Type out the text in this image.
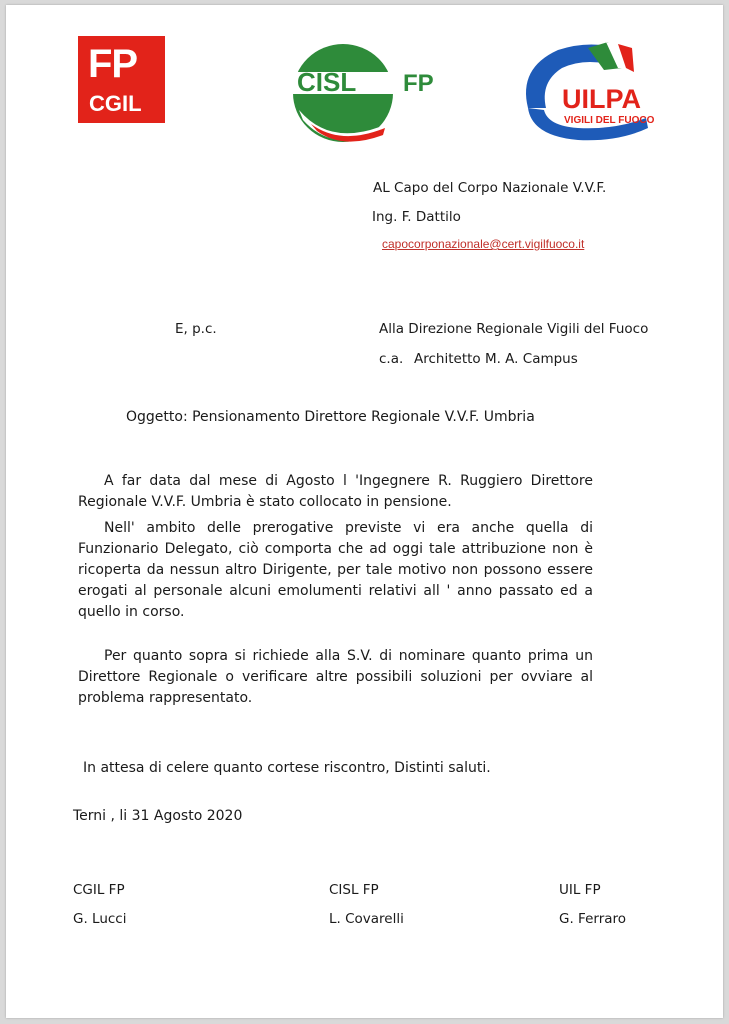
FP
CGIL
CISL FP
UILPA
VIGILI DEL FUOCO
AL Capo del Corpo Nazionale V.V.F.
Ing. F. Dattilo
capocorponazionale@cert.vigilfuoco.it
E, p.c.	Alla Direzione Regionale Vigili del Fuoco
c.a. Architetto M. A. Campus
Oggetto: Pensionamento Direttore Regionale V.V.F. Umbria

A far data dal mese di Agosto l 'Ingegnere R. Ruggiero Direttore Regionale V.V.F. Umbria è stato collocato in pensione.

Nell' ambito delle prerogative previste vi era anche quella di Funzionario Delegato, ciò comporta che ad oggi tale attribuzione non è ricoperta da nessun altro Dirigente, per tale motivo non possono essere erogati al personale alcuni emolumenti relativi all ' anno passato ed a quello in corso.

Per quanto sopra si richiede alla S.V. di nominare quanto prima un Direttore Regionale o verificare altre possibili soluzioni per ovviare al problema rappresentato.

In attesa di celere quanto cortese riscontro, Distinti saluti.
Terni , li 31 Agosto 2020
CGIL FP
G. Lucci
CISL FP
L. Covarelli
UIL FP
G. Ferraro
